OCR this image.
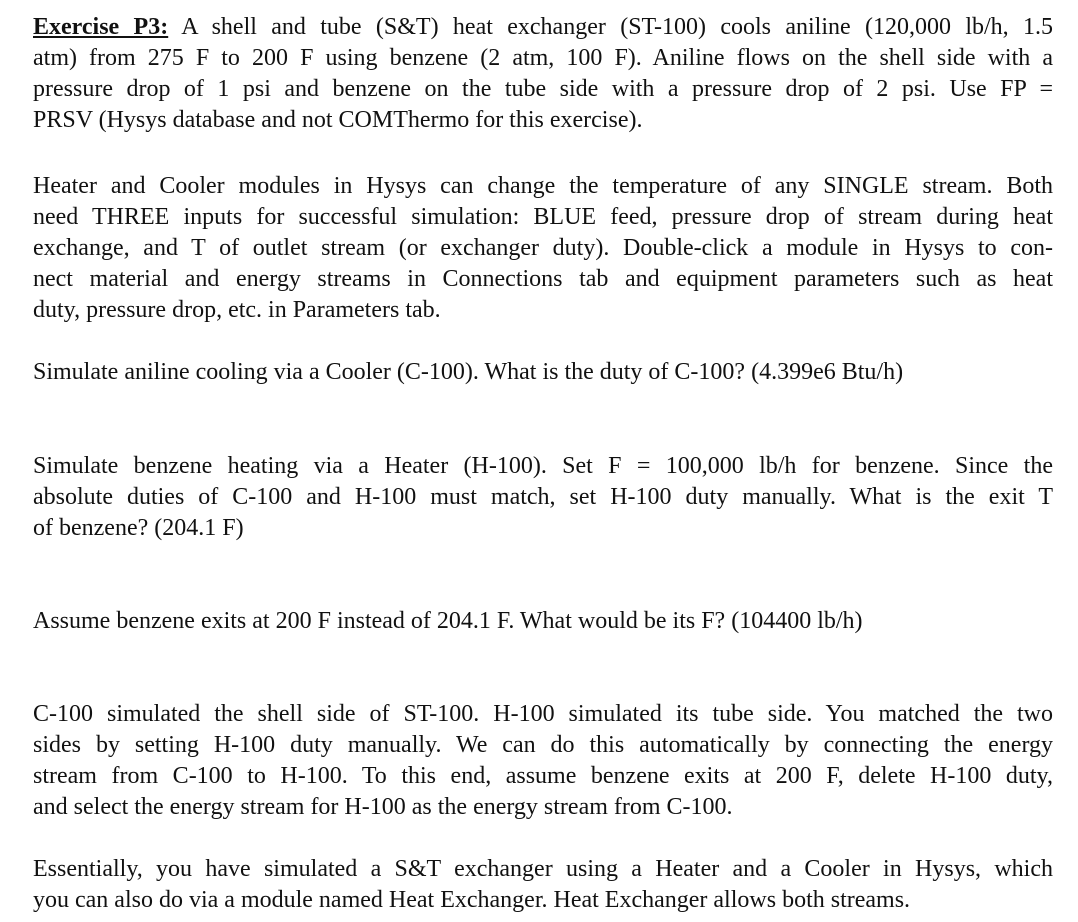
Exercise P3: A shell and tube (S&T) heat exchanger (ST-100) cools aniline (120,000 lb/h, 1.5
atm) from 275 F to 200 F using benzene (2 atm, 100 F). Aniline flows on the shell side with a
pressure drop of 1 psi and benzene on the tube side with a pressure drop of 2 psi. Use FP =
PRSV (Hysys database and not COMThermo for this exercise).
Heater and Cooler modules in Hysys can change the temperature of any SINGLE stream. Both
need THREE inputs for successful simulation: BLUE feed, pressure drop of stream during heat
exchange, and T of outlet stream (or exchanger duty). Double-click a module in Hysys to con-
nect material and energy streams in Connections tab and equipment parameters such as heat
duty, pressure drop, etc. in Parameters tab.
Simulate aniline cooling via a Cooler (C-100). What is the duty of C-100? (4.399e6 Btu/h)
Simulate benzene heating via a Heater (H-100). Set F = 100,000 lb/h for benzene. Since the
absolute duties of C-100 and H-100 must match, set H-100 duty manually. What is the exit T
of benzene? (204.1 F)
Assume benzene exits at 200 F instead of 204.1 F. What would be its F? (104400 lb/h)
C-100 simulated the shell side of ST-100. H-100 simulated its tube side. You matched the two
sides by setting H-100 duty manually. We can do this automatically by connecting the energy
stream from C-100 to H-100. To this end, assume benzene exits at 200 F, delete H-100 duty,
and select the energy stream for H-100 as the energy stream from C-100.
Essentially, you have simulated a S&T exchanger using a Heater and a Cooler in Hysys, which
you can also do via a module named Heat Exchanger. Heat Exchanger allows both streams.
